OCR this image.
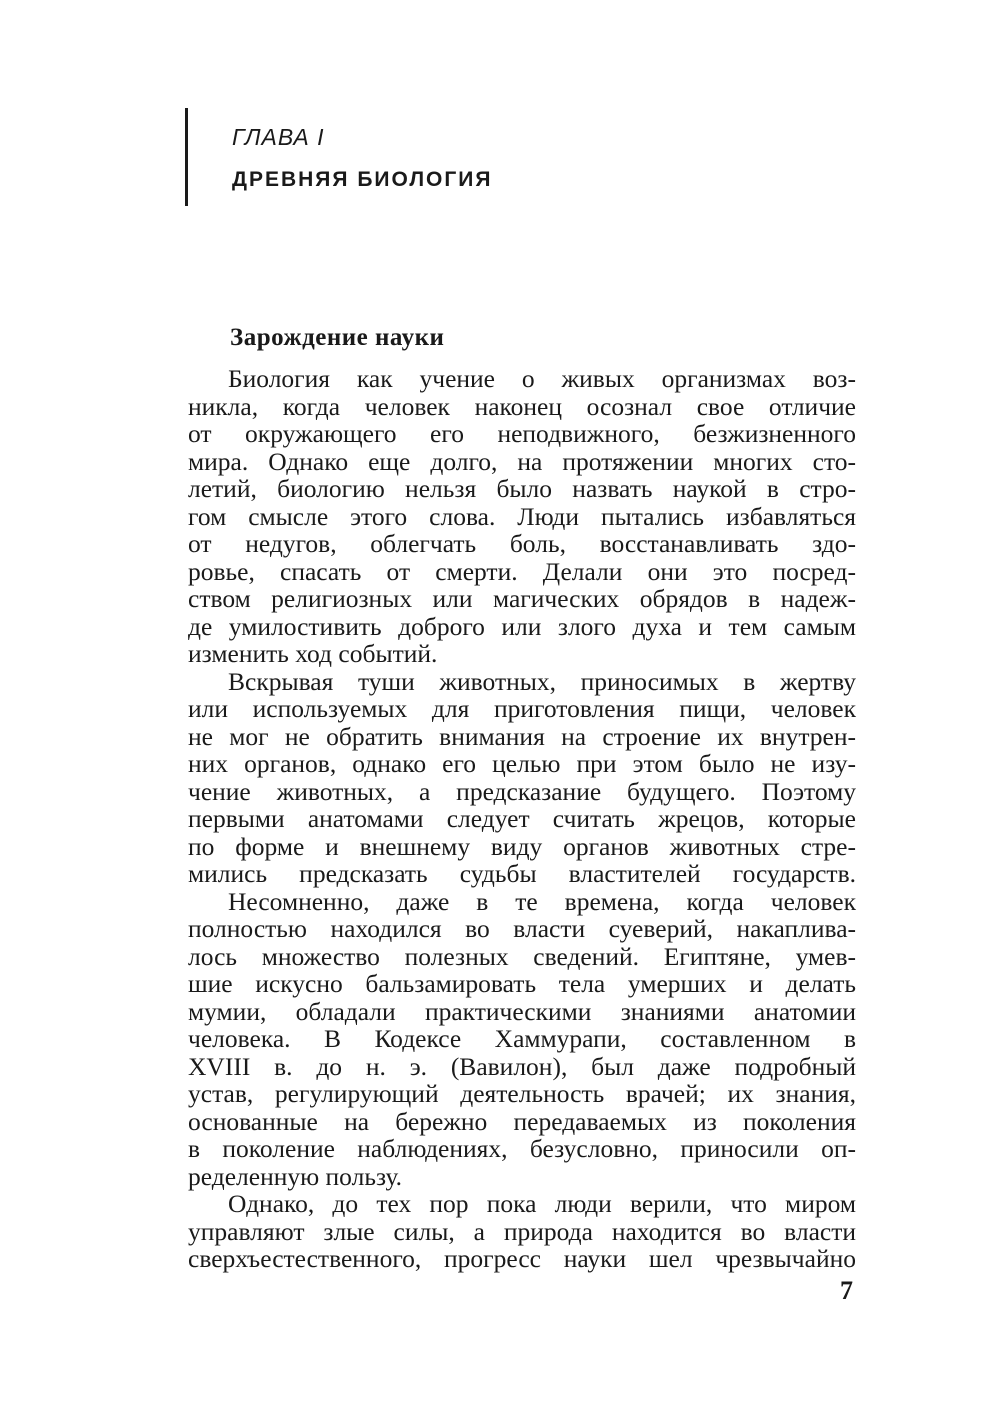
ГЛАВА I
ДРЕВНЯЯ БИОЛОГИЯ
Зарождение науки
Биология как учение о живых организмах воз-
никла, когда человек наконец осознал свое отличие
от окружающего его неподвижного, безжизненного
мира. Однако еще долго, на протяжении многих сто-
летий, биологию нельзя было назвать наукой в стро-
гом смысле этого слова. Люди пытались избавляться
от недугов, облегчать боль, восстанавливать здо-
ровье, спасать от смерти. Делали они это посред-
ством религиозных или магических обрядов в надеж-
де умилостивить доброго или злого духа и тем самым
изменить ход событий.
Вскрывая туши животных, приносимых в жертву
или используемых для приготовления пищи, человек
не мог не обратить внимания на строение их внутрен-
них органов, однако его целью при этом было не изу-
чение животных, а предсказание будущего. Поэтому
первыми анатомами следует считать жрецов, которые
по форме и внешнему виду органов животных стре-
мились предсказать судьбы властителей государств.
Несомненно, даже в те времена, когда человек
полностью находился во власти суеверий, накаплива-
лось множество полезных сведений. Египтяне, умев-
шие искусно бальзамировать тела умерших и делать
мумии, обладали практическими знаниями анатомии
человека. В Кодексе Хаммурапи, составленном в
XVIII в. до н. э. (Вавилон), был даже подробный
устав, регулирующий деятельность врачей; их знания,
основанные на бережно передаваемых из поколения
в поколение наблюдениях, безусловно, приносили оп-
ределенную пользу.
Однако, до тех пор пока люди верили, что миром
управляют злые силы, а природа находится во власти
сверхъестественного, прогресс науки шел чрезвычайно
7
